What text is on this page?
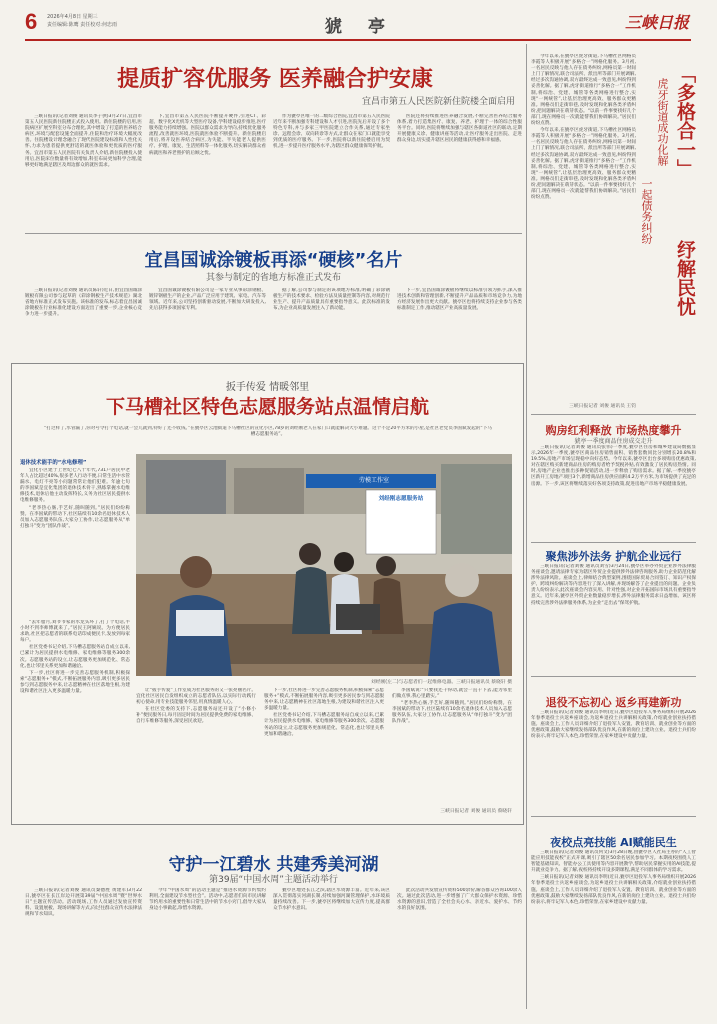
6 2026年4月8日 星期三
责任编辑:陈鹰 责任校对:何忠雨	猇 亭	三峡日报
提质扩容优服务 医养融合护安康
宜昌市第五人民医院新住院楼全面启用

三峡日报讯(记者刘俊 通讯员李子供)3月27日,宜昌市第五人民医院新住院楼正式投入使用。新住院楼的启用,医院病区扩展至科室分布合理化,其中增设了打造的医养结合病区,环境与配套设施全面提升,住院和治疗环境大幅度改善。住院楼设计理念融合了现代医院建设标准和人性化关怀,力求为患者提供更舒适的就医体验和更优质的医疗服务。宜昌市第五人民医院有关负责人介绍,新住院楼投入使用后,医院床位数量将有效增加,科室布局更加科学合理,能够更好地满足辖区及周边群众的就医需求。

下,宜昌市第五人民医院不断提升硬件,引进CT、彩超、数字化X光机等大型医疗设备,学科建设稳步推进,医疗服务能力持续增强。医院以群众需求为导向,持续优化服务流程,改善就医环境,医院就医体验不断提升。新住院楼启用后,将开设医养结合病区,为失能、半失能老人提供医疗、护理、康复、生活照料等一体化服务,切实解决群众看病就医和养老照护的后顾之忧。

作为猇亭区唯一的二级综合医院,宜昌市第五人民医院近年来不断加强专科建设和人才引进,医院先后开设了多个特色专科,并与多家三甲医院建立合作关系,通过专家坐诊、远程会诊、双向转诊等方式,让群众在家门口就能享受到优质的医疗服务。下一步,医院将以新住院楼启用为契机,进一步提升医疗服务水平,为辖区群众健康保驾护航。

医院还将持续推进医养融合发展,不断完善医养结合服务体系,着力打造集医疗、康复、养老、护理于一体的综合性服务平台。同时,医院将继续加强与辖区各街道社区的联动,定期开展健康义诊、健康讲座等活动,让医疗服务走出医院、走进群众身边,切实提升辖区居民的健康获得感和幸福感。

宜昌国诚涂镀板再添“硬核”名片
其参与制定的省地方标准正式发布

三峡日报讯(记者刘俊 通讯员陈轩)近日,由宜昌国诚涂镀板有限公司参与起草的《彩涂钢板生产技术规范》湖北省地方标准正式发布实施。该标准的发布,标志着宜昌国诚涂镀板在行业标准化建设方面迈出了重要一步,企业核心竞争力进一步提升。

宜昌国诚涂镀板有限公司是一家专业从事彩涂钢板、镀锌钢板生产的企业,产品广泛应用于建筑、家电、汽车等领域。近年来,公司坚持创新驱动发展,不断加大研发投入,先后获得多项国家专利。

据了解,公司参与制定的该项地方标准,明确了彩涂钢板生产的技术要求、检验方法及质量控制等内容,对规范行业生产、提升产品质量具有重要指导意义。此次标准的发布,为企业高质量发展注入了新动能。

下一步,宜昌国诚涂镀板将继续以标准引领为抓手,深入推进技术创新和管理创新,不断提升产品品质和市场竞争力,为地方经济发展作出更大贡献。猇亭区也将持续支持企业参与各类标准制定工作,推动辖区产业高质量发展。

扳手传爱 情暖邻里
下马槽社区特色志愿服务站点温情启航
“打过样了,水管漏了,你对号令打个电话,就一会儿就到,特好了还不收钱。”在猇亭区云池街道下马槽社区的宣化小区,78岁的刘经刚老人在家门口就能解决大小难题。这个不足20平方米的小屋,是社区老党员李国斌发起的“下马槽志愿服务站”。
退休技术能手的“水电修理”

宜化小区建于上世纪七八十年代,731户居民中老年人占比超过40%,很多老人行动不便,日常生活中水管漏水、电灯不亮等小问题常常让他们犯难。年逾七旬的李国斌是宜化集团的退休技术骨干,熟练掌握水电维修技术,退休后他主动发挥特长,义务为社区居民提供水电维修服务。

“老李热心肠,手艺好,随叫随到。”居民们纷纷称赞。在李国斌的带动下,社区陆续有10余名退休技术人员加入志愿服务队伍,大家分工协作,让志愿服务从“单打独斗”变为“团队作战”。

“去年腊月,刘爷爷家的水龙头坏了,打了个电话,半小时不到李师傅就来了。”居民王阿姨说。为方便居民求助,社区把志愿者的联系电话印成便民卡,发放到每家每户。

社区党委书记介绍,下马槽志愿服务站自成立以来,已累计为居民提供水电维修、家电维修等服务300余次。志愿服务站的设立,让志愿服务更加规范化、常态化,也让邻里关系更加和谐融洽。

下一步,社区将进一步完善志愿服务机制,积极探索“志愿服务+”模式,不断拓展服务内容,吸引更多居民参与到志愿服务中来,让志愿精神在社区落地生根,为建设和谐社区注入更多温暖力量。

劳模工作室
刘经刚志愿服务站
刘经刚(左二)与志愿者们一起维修电器。三峡日报通讯员 蔡晓轩 摄

让“扳手传爱”工作室成为社区服务的又一张亮丽名片。宜化社区居民自发组织成立的志愿者队伍,以实际行动践行初心使命,用专业技能服务邻里,用真情温暖人心。

在社区党委的支持下,志愿服务站还开设了“小修小补”便民服务日,每月固定时间为居民提供免费的家电维修、自行车维修等服务,深受居民欢迎。

下一步,社区将进一步完善志愿服务机制,积极探索“志愿服务+”模式,不断拓展服务内容,吸引更多居民参与到志愿服务中来,让志愿精神在社区落地生根,为建设和谐社区注入更多温暖力量。

社区党委书记介绍,下马槽志愿服务站自成立以来,已累计为居民提供水电维修、家电维修等服务300余次。志愿服务站的设立,让志愿服务更加规范化、常态化,也让邻里关系更加和谐融洽。

李国斌说:“只要我还干得动,就会一直干下去,能为邻里们做点事,我心里踏实。”

“老李热心肠,手艺好,随叫随到。”居民们纷纷称赞。在李国斌的带动下,社区陆续有10余名退休技术人员加入志愿服务队伍,大家分工协作,让志愿服务从“单打独斗”变为“团队作战”。

三峡日报记者 刘俊 通讯员 蔡晓轩
守护一江碧水 共建秀美河湖
第39届“中国水周”主题活动举行

三峡日报讯(记者刘俊 通讯员秦德胜 黄建军)3月22日,猇亭区在长江岸边开展第39届“中国水周”暨“世界水日”主题宣传活动。活动现场,工作人员通过发放宣传资料、设置展板、现场讲解等方式,向过往群众宣传水法律法规和节水知识。

今年“中国水周”的活动主题是“推进水资源节约集约利用,全面建设节水型社会”。活动中,志愿者们向市民讲解节约用水的重要性和日常生活中的节水小窍门,倡导大家从身边小事做起,珍惜水资源。

猇亭区地处长江之滨,辖区水资源丰富。近年来,该区深入贯彻落实河湖长制,持续加强河湖管理保护,水环境质量持续改善。下一步,猇亭区将继续加大宣传力度,提高群众节水护水意识。

此次活动共发放宣传资料500余份,解答群众咨询100余人次。通过此次活动,进一步增强了广大群众保护水资源、珍惜水资源的意识,营造了全社会关心水、亲近水、爱护水、节约水的良好氛围。

今年以来,在猇亭区虎牙街道,下马槽社区网格员李霞等人积极开展“多格合一”网格化服务。3月初,一名居民反映与他人存在债务纠纷,网格员第一时间上门了解情况,联合司法所、派出所等部门开展调解,经过多次沟通协调,双方最终达成一致意见,纠纷得到妥善化解。据了解,虎牙街道推行“多格合一”工作机制,将综治、党建、城管等各类网格进行整合,实现“一网统管”,让基层治理更高效、服务群众更精准。网格员们走街串巷,及时发现和化解各类矛盾纠纷,把问题解决在萌芽状态。“以前一件事要找好几个部门,现在网格员一次就能帮我们协调解决。”居民们纷纷点赞。

今年以来,在猇亭区虎牙街道,下马槽社区网格员李霞等人积极开展“多格合一”网格化服务。3月初,一名居民反映与他人存在债务纠纷,网格员第一时间上门了解情况,联合司法所、派出所等部门开展调解,经过多次沟通协调,双方最终达成一致意见,纠纷得到妥善化解。据了解,虎牙街道推行“多格合一”工作机制,将综治、党建、城管等各类网格进行整合,实现“一网统管”,让基层治理更高效、服务群众更精准。网格员们走街串巷,及时发现和化解各类矛盾纠纷,把问题解决在萌芽状态。“以前一件事要找好几个部门,现在网格员一次就能帮我们协调解决。”居民们纷纷点赞。

三峡日报记者 刘俊 通讯员 王钧
「多格合一」
虎牙街道成功化解
一起债务纠纷
纾解民忧
购房红利释放 市场热度攀升
猇亭一季度商品住房成交走升

三峡日报讯(记者刘俊 通讯员张伟)一季度,猇亭区住房和城乡建设局数据显示,2026年一季度,猇亭区商品住房销售面积、销售套数同比分别增长20.8%和19.5%,房地产市场呈现稳中向好态势。今年以来,猇亭区出台多项购房优惠政策,对在辖区购买新建商品住房的购房者给予契税补贴,有效激发了居民购房热情。同时,房地产企业也推出多种促销活动,进一步释放了购房需求。据了解,一季度猇亭区新开工房地产项目3个,新增商品住房供应面积4.2万平方米,为市场提供了充足的房源。下一步,该区将继续落实好各项支持政策,促进房地产市场平稳健康发展。

聚焦涉外法务 护航企业远行

三峡日报讯(记者刘俊 通讯员刘雪)3月24日,猇亭区举办外贸企业涉外法律服务座谈会,邀请法律专家为辖区外贸企业提供涉外法律咨询服务,助力企业防范化解涉外法律风险。座谈会上,律师结合典型案例,围绕国际贸易合同签订、知识产权保护、跨境纠纷解决等内容进行了深入讲解,并现场解答了企业提出的问题。企业负责人纷纷表示,此次座谈会内容实用、针对性强,对企业开拓国际市场具有重要指导意义。近年来,猇亭区外贸企业数量稳步增长,涉外法律服务需求日益增加。该区将持续完善涉外法律服务体系,为企业“走出去”保驾护航。

退役不忘初心 返乡再建新功

三峡日报讯(记者刘俊 通讯员李明)近日,猇亭区退役军人事务局组织开展2026年春季退役士兵返乡座谈会,为返乡退役士兵讲解相关政策,介绍就业创业扶持措施。座谈会上,工作人员详细介绍了退役军人安置、教育培训、就业创业等方面的优惠政策,鼓励大家继续发扬部队优良作风,在新的岗位上建功立业。退役士兵们纷纷表示,将牢记军人本色,珍惜荣誉,在家乡建设中贡献力量。

夜校点亮技能 AI赋能民生

三峡日报讯(记者刘俊 通讯员何文)3月28日晚,由猇亭区人社局主办的“人工智能应用技能夜校”正式开课,吸引了辖区50余名居民参加学习。本期夜校围绕人工智能基础知识、智能办公工具使用等内容开展教学,帮助居民掌握实用的AI技能,提升就业竞争力。据了解,夜校将持续开设多期课程,满足不同群体的学习需求。

三峡日报讯(记者刘俊 通讯员李明)近日,猇亭区退役军人事务局组织开展2026年春季退役士兵返乡座谈会,为返乡退役士兵讲解相关政策,介绍就业创业扶持措施。座谈会上,工作人员详细介绍了退役军人安置、教育培训、就业创业等方面的优惠政策,鼓励大家继续发扬部队优良作风,在新的岗位上建功立业。退役士兵们纷纷表示,将牢记军人本色,珍惜荣誉,在家乡建设中贡献力量。
